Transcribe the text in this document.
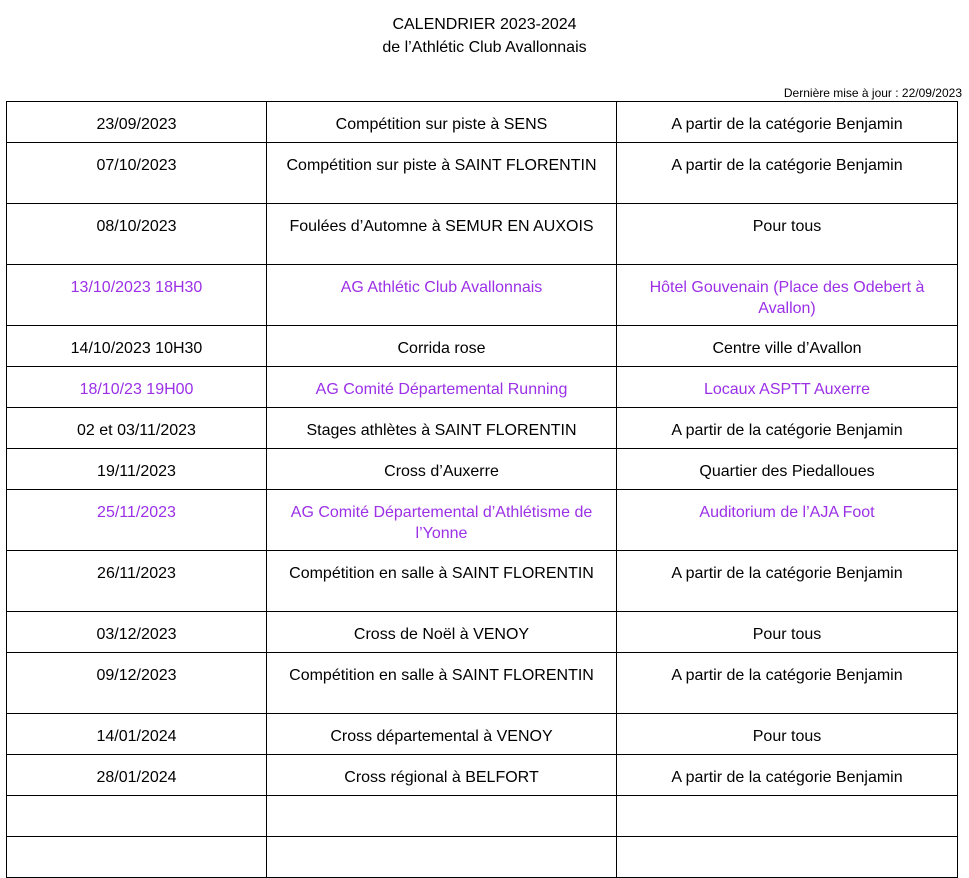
CALENDRIER 2023-2024
de l’Athlétic Club Avallonnais
Dernière mise à jour : 22/09/2023
23/09/2023	Compétition sur piste à SENS	A partir de la catégorie Benjamin
07/10/2023	Compétition sur piste à SAINT FLORENTIN	A partir de la catégorie Benjamin
08/10/2023	Foulées d’Automne à SEMUR EN AUXOIS	Pour tous
13/10/2023 18H30	AG Athlétic Club Avallonnais	Hôtel Gouvenain (Place des Odebert à Avallon)
14/10/2023 10H30	Corrida rose	Centre ville d’Avallon
18/10/23 19H00	AG Comité Départemental Running	Locaux ASPTT Auxerre
02 et 03/11/2023	Stages athlètes à SAINT FLORENTIN	A partir de la catégorie Benjamin
19/11/2023	Cross d’Auxerre	Quartier des Piedalloues
25/11/2023	AG Comité Départemental d’Athlétisme de l’Yonne	Auditorium de l’AJA Foot
26/11/2023	Compétition en salle à SAINT FLORENTIN	A partir de la catégorie Benjamin
03/12/2023	Cross de Noël à VENOY	Pour tous
09/12/2023	Compétition en salle à SAINT FLORENTIN	A partir de la catégorie Benjamin
14/01/2024	Cross départemental à VENOY	Pour tous
28/01/2024	Cross régional à BELFORT	A partir de la catégorie Benjamin
